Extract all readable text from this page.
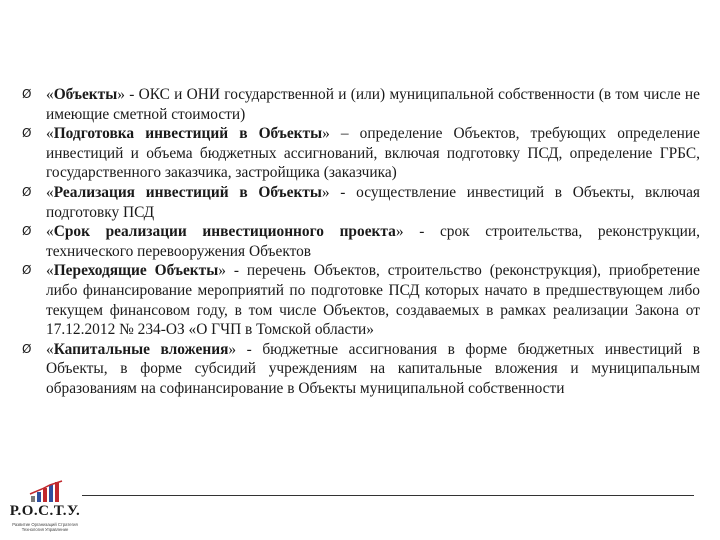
Ø «Объекты» - ОКС и ОНИ государственной и (или) муниципальной собственности (в том числе не имеющие сметной стоимости)
Ø «Подготовка инвестиций в Объекты» – определение Объектов, требующих определение инвестиций и объема бюджетных ассигнований, включая подготовку ПСД, определение ГРБС, государственного заказчика, застройщика (заказчика)
Ø «Реализация инвестиций в Объекты» - осуществление инвестиций в Объекты, включая подготовку ПСД
Ø «Срок реализации инвестиционного проекта» - срок строительства, реконструкции, технического перевооружения Объектов
Ø «Переходящие Объекты» - перечень Объектов, строительство (реконструкция), приобретение либо финансирование мероприятий по подготовке ПСД которых начато в предшествующем либо текущем финансовом году, в том числе Объектов, создаваемых в рамках реализации Закона от 17.12.2012 № 234-ОЗ «О ГЧП в Томской области»
Ø «Капитальные вложения» - бюджетные ассигнования в форме бюджетных инвестиций в Объекты, в форме субсидий учреждениям на капитальные вложения и муниципальным образованиям на софинансирование в Объекты муниципальной собственности
Р.О.С.Т.У.
Развитие Организаций Стратегия Технология Управление
